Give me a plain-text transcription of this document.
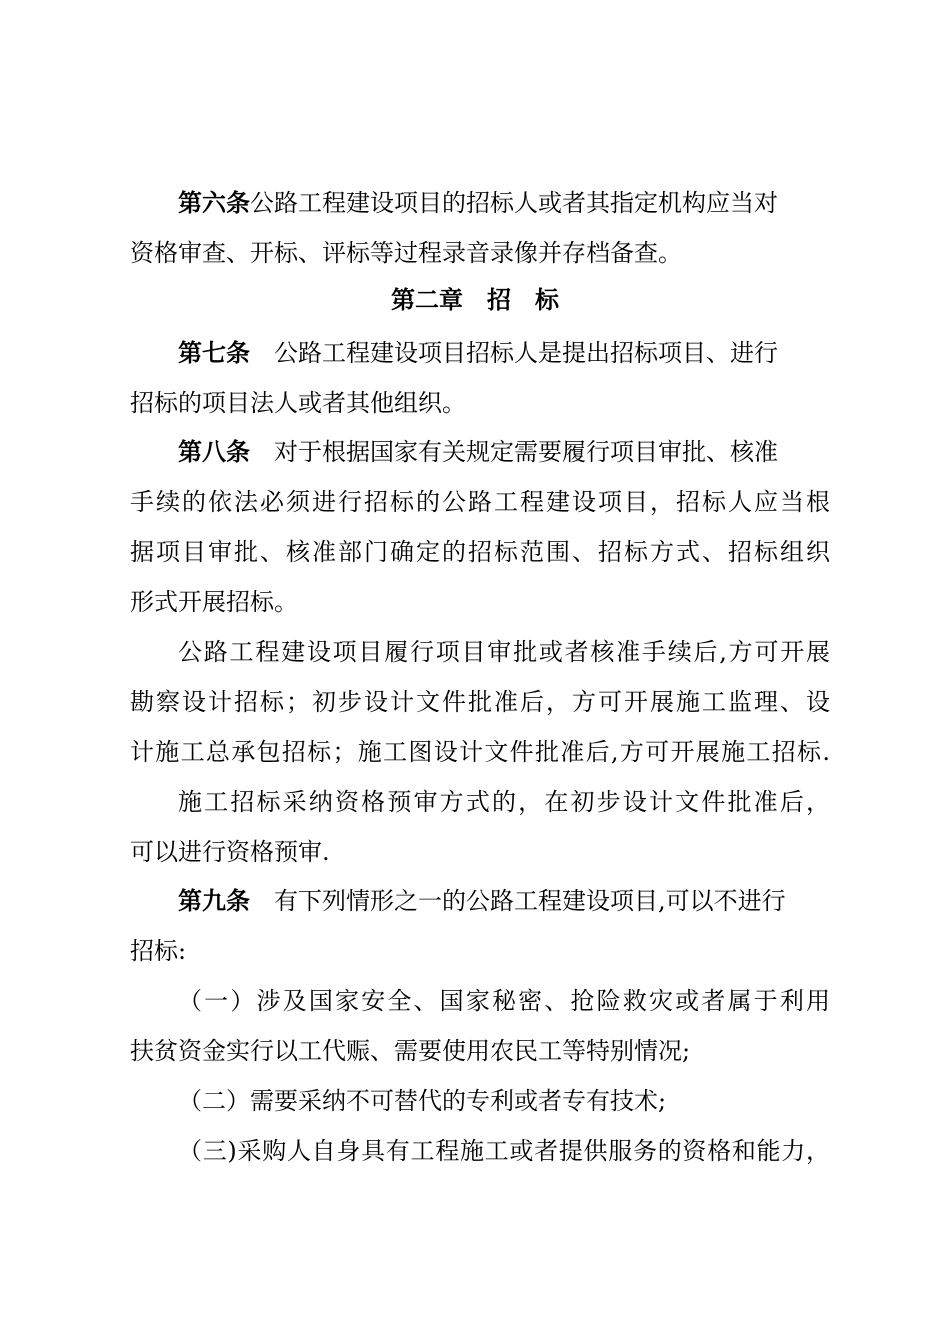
第六条公路工程建设项目的招标人或者其指定机构应当对
资格审查、开标、评标等过程录音录像并存档备查。
第二章 招　标
第七条 公路工程建设项目招标人是提出招标项目、进行
招标的项目法人或者其他组织。
第八条 对于根据国家有关规定需要履行项目审批、核准
手续的依法必须进行招标的公路工程建设项目，招标人应当根
据项目审批、核准部门确定的招标范围、招标方式、招标组织
形式开展招标。
公路工程建设项目履行项目审批或者核准手续后,方可开展
勘察设计招标；初步设计文件批准后，方可开展施工监理、设
计施工总承包招标；施工图设计文件批准后,方可开展施工招标.
施工招标采纳资格预审方式的，在初步设计文件批准后，
可以进行资格预审.
第九条 有下列情形之一的公路工程建设项目,可以不进行
招标:
（一）涉及国家安全、国家秘密、抢险救灾或者属于利用
扶贫资金实行以工代赈、需要使用农民工等特别情况;
（二）需要采纳不可替代的专利或者专有技术;
（三)采购人自身具有工程施工或者提供服务的资格和能力，
